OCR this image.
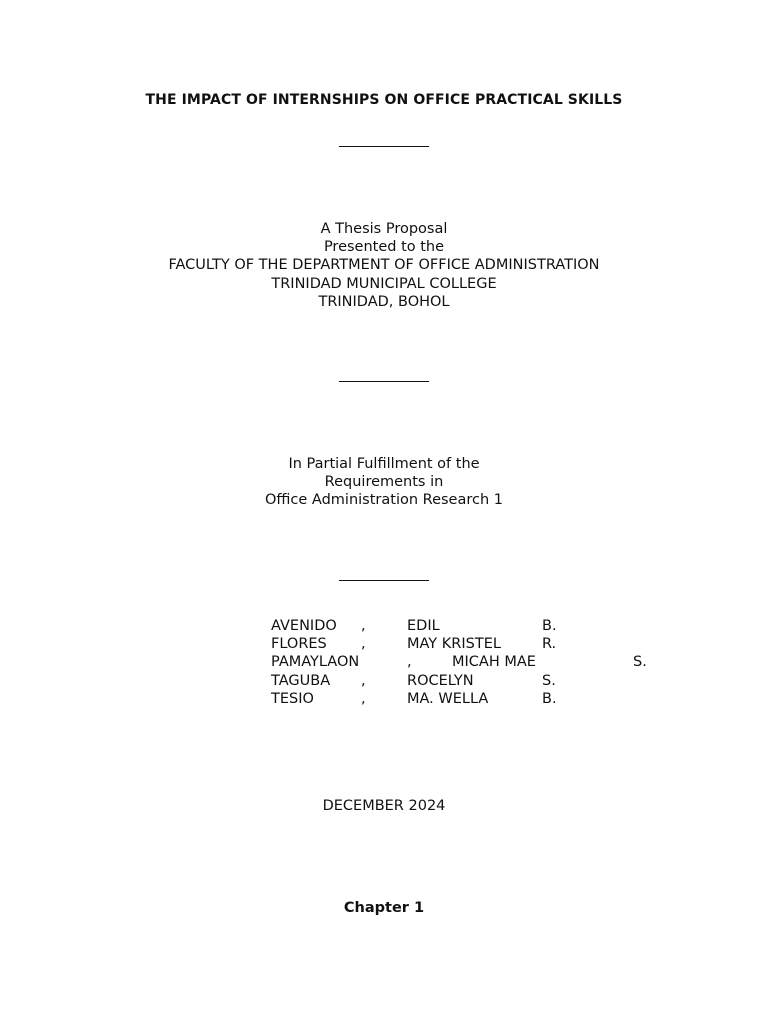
THE IMPACT OF INTERNSHIPS ON OFFICE PRACTICAL SKILLS
A Thesis Proposal
Presented to the
FACULTY OF THE DEPARTMENT OF OFFICE ADMINISTRATION
TRINIDAD MUNICIPAL COLLEGE
TRINIDAD, BOHOL
In Partial Fulfillment of the
Requirements in
Office Administration Research 1
AVENIDO ,	EDIL	B.
FLORES ,	MAY KRISTEL	R.
PAMAYLAON	,	MICAH MAE	S.
TAGUBA ,	ROCELYN	S.
TESIO	,	MA. WELLA	B.
DECEMBER 2024
Chapter 1
